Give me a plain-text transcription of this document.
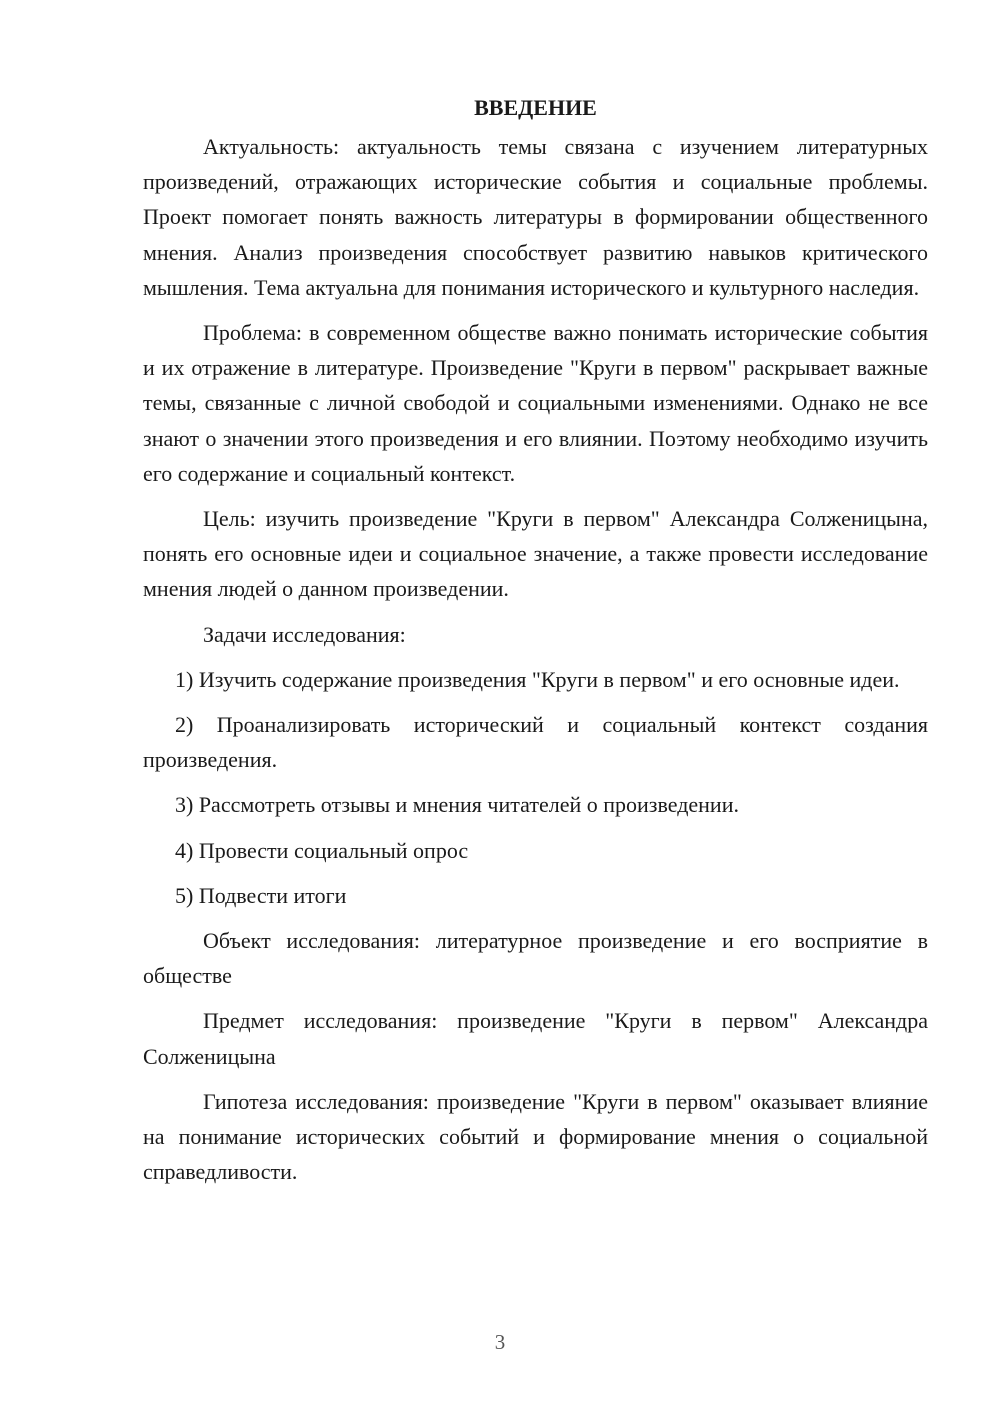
ВВЕДЕНИЕ

Актуальность: актуальность темы связана с изучением литературных произведений, отражающих исторические события и социальные проблемы. Проект помогает понять важность литературы в формировании общественного мнения. Анализ произведения способствует развитию навыков критического мышления. Тема актуальна для понимания исторического и культурного наследия.

Проблема: в современном обществе важно понимать исторические события и их отражение в литературе. Произведение "Круги в первом" раскрывает важные темы, связанные с личной свободой и социальными изменениями. Однако не все знают о значении этого произведения и его влиянии. Поэтому необходимо изучить его содержание и социальный контекст.

Цель: изучить произведение "Круги в первом" Александра Солженицына, понять его основные идеи и социальное значение, а также провести исследование мнения людей о данном произведении.

Задачи исследования:

1) Изучить содержание произведения "Круги в первом" и его основные идеи.

2) Проанализировать исторический и социальный контекст создания произведения.

3) Рассмотреть отзывы и мнения читателей о произведении.

4) Провести социальный опрос

5) Подвести итоги

Объект исследования: литературное произведение и его восприятие в обществе

Предмет исследования: произведение "Круги в первом" Александра Солженицына

Гипотеза исследования: произведение "Круги в первом" оказывает влияние на понимание исторических событий и формирование мнения о социальной справедливости.

3
